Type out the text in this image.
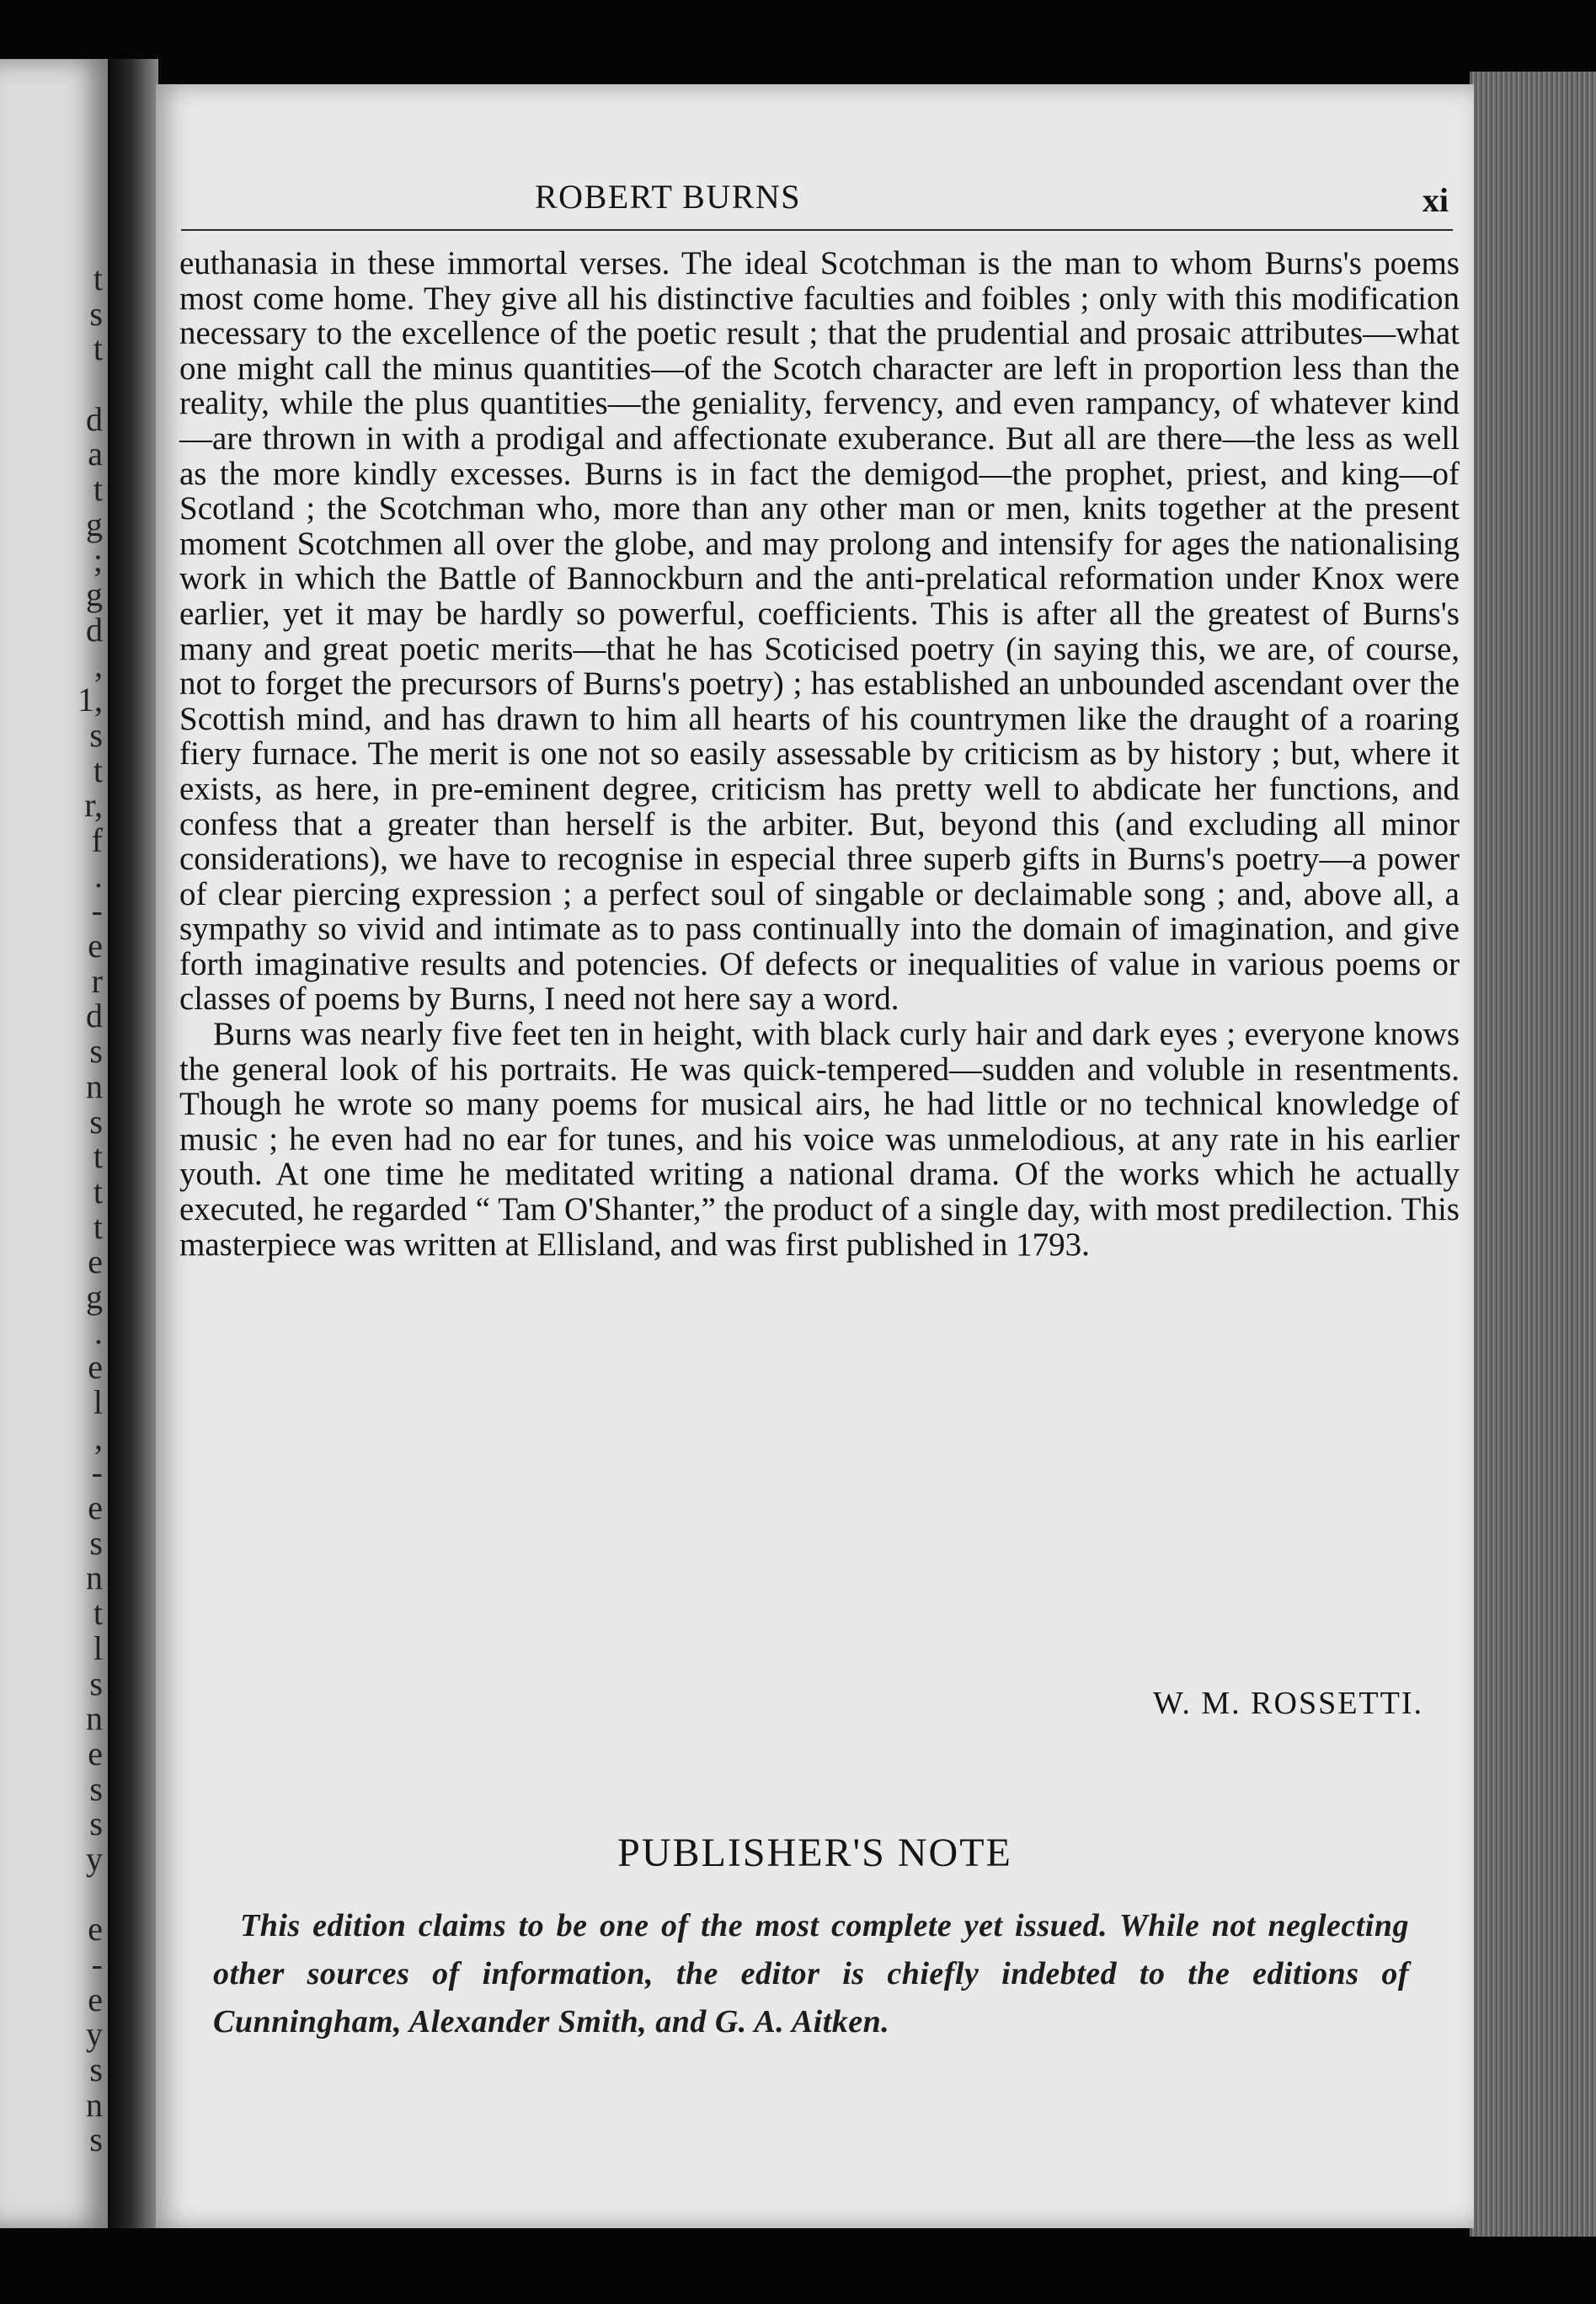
t
s
t
d
a
t
g
;
g
d
,
1,
s
t
r,
f
.
-
e
r
d
s
n
s
t
t
t
e
g
.
e
l
,
-
e
s
n
t
l
s
n
e
s
s
y
e
-
e
y
s
n
s
ROBERT BURNS	xi

euthanasia in these immortal verses. The ideal Scotchman is the man to whom Burns's poems most come home. They give all his distinctive faculties and foibles ; only with this modification necessary to the excellence of the poetic result ; that the prudential and prosaic attributes—what one might call the minus quantities—of the Scotch character are left in proportion less than the reality, while the plus quantities—the geniality, fervency, and even rampancy, of whatever kind—are thrown in with a prodigal and affectionate exuberance. But all are there—the less as well as the more kindly excesses. Burns is in fact the demigod—the prophet, priest, and king—of Scotland ; the Scotchman who, more than any other man or men, knits together at the present moment Scotchmen all over the globe, and may prolong and intensify for ages the nationalising work in which the Battle of Bannockburn and the anti-prelatical reformation under Knox were earlier, yet it may be hardly so powerful, coefficients. This is after all the greatest of Burns's many and great poetic merits—that he has Scoticised poetry (in saying this, we are, of course, not to forget the precursors of Burns's poetry) ; has established an unbounded ascendant over the Scottish mind, and has drawn to him all hearts of his countrymen like the draught of a roaring fiery furnace. The merit is one not so easily assessable by criticism as by history ; but, where it exists, as here, in pre-eminent degree, criticism has pretty well to abdicate her functions, and confess that a greater than herself is the arbiter. But, beyond this (and excluding all minor considerations), we have to recognise in especial three superb gifts in Burns's poetry—a power of clear piercing expression ; a perfect soul of singable or declaimable song ; and, above all, a sympathy so vivid and intimate as to pass continually into the domain of imagination, and give forth imaginative results and potencies. Of defects or inequalities of value in various poems or classes of poems by Burns, I need not here say a word.

Burns was nearly five feet ten in height, with black curly hair and dark eyes ; everyone knows the general look of his portraits. He was quick-tempered—sudden and voluble in resentments. Though he wrote so many poems for musical airs, he had little or no technical knowledge of music ; he even had no ear for tunes, and his voice was unmelodious, at any rate in his earlier youth. At one time he meditated writing a national drama. Of the works which he actually executed, he regarded “ Tam O'Shanter,” the product of a single day, with most predilection. This masterpiece was written at Ellisland, and was first published in 1793.

W. M. ROSSETTI.
PUBLISHER'S NOTE
This edition claims to be one of the most complete yet issued. While not neglecting other sources of information, the editor is chiefly indebted to the editions of Cunningham, Alexander Smith, and G. A. Aitken.
